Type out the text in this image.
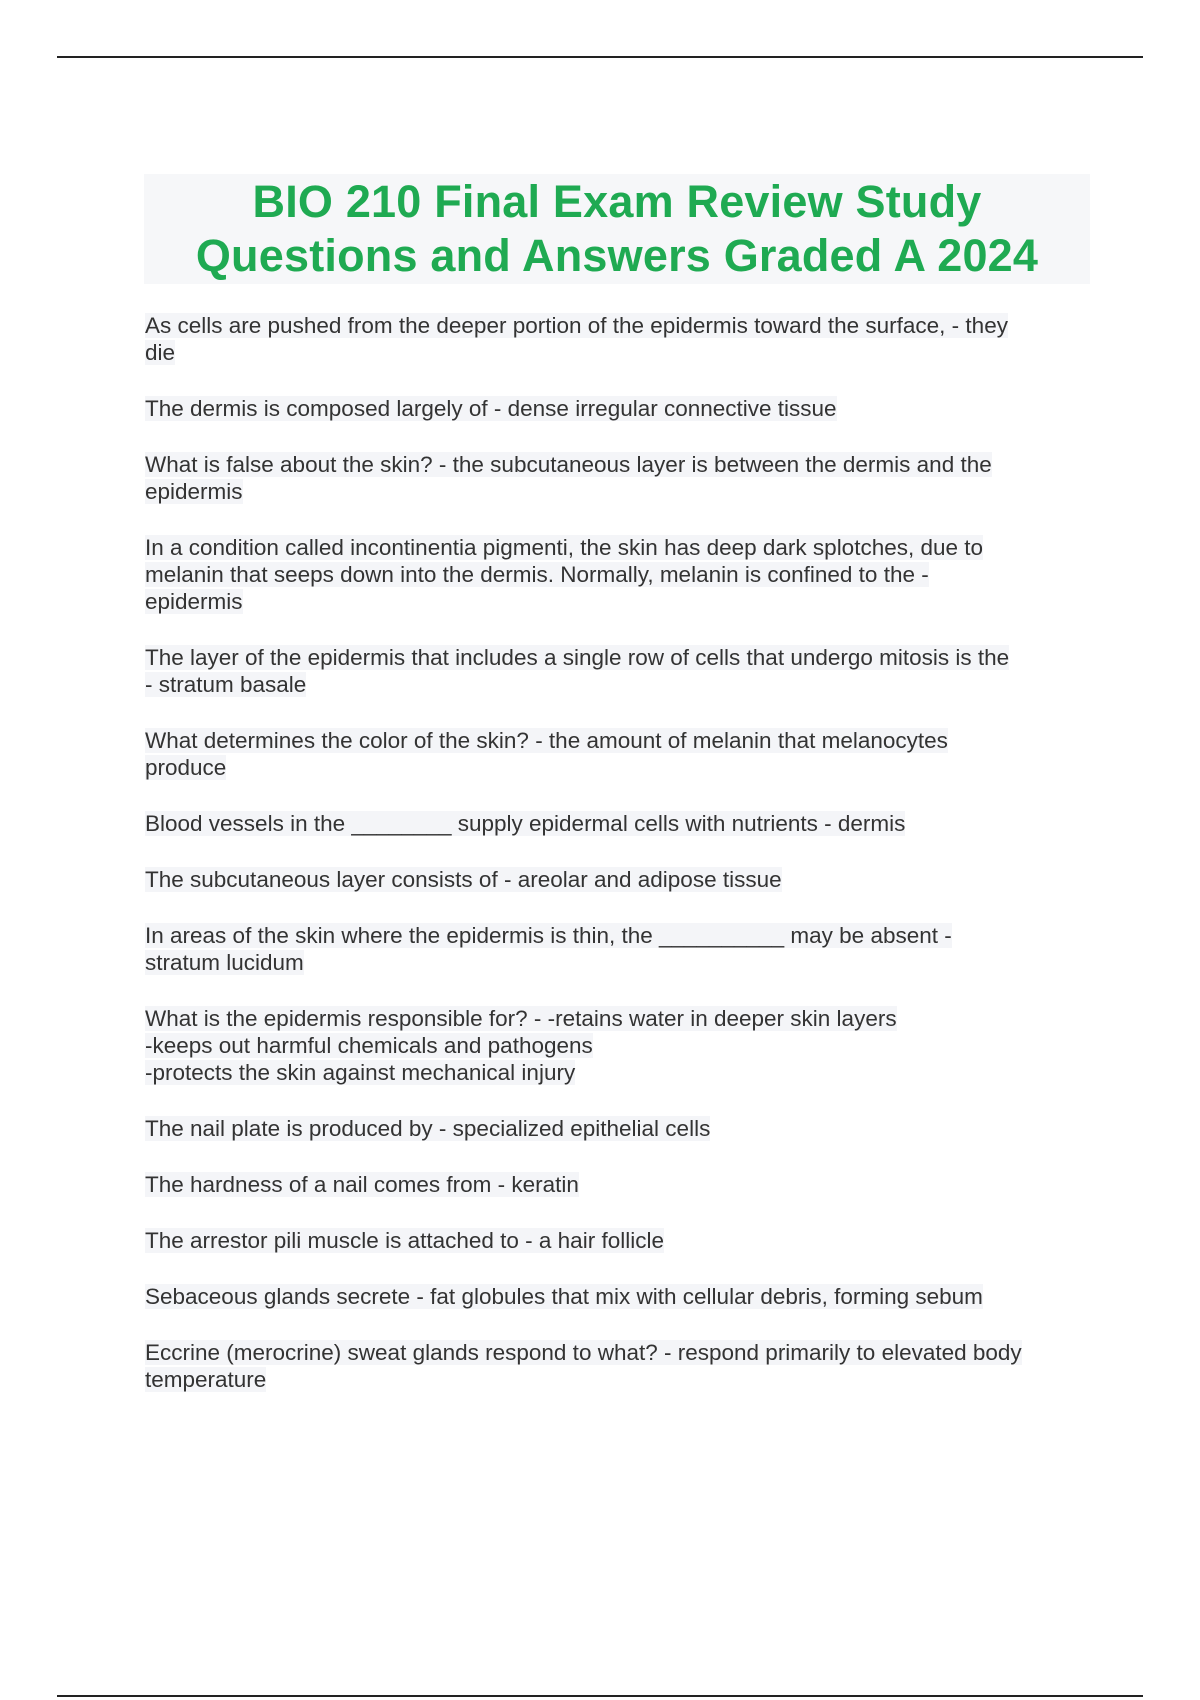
BIO 210 Final Exam Review Study
Questions and Answers Graded A 2024
As cells are pushed from the deeper portion of the epidermis toward the surface, - they
die
The dermis is composed largely of - dense irregular connective tissue
What is false about the skin? - the subcutaneous layer is between the dermis and the
epidermis
In a condition called incontinentia pigmenti, the skin has deep dark splotches, due to
melanin that seeps down into the dermis. Normally, melanin is confined to the -
epidermis
The layer of the epidermis that includes a single row of cells that undergo mitosis is the
- stratum basale
What determines the color of the skin? - the amount of melanin that melanocytes
produce
Blood vessels in the ________ supply epidermal cells with nutrients - dermis
The subcutaneous layer consists of - areolar and adipose tissue
In areas of the skin where the epidermis is thin, the __________ may be absent -
stratum lucidum
What is the epidermis responsible for? - -retains water in deeper skin layers
-keeps out harmful chemicals and pathogens
-protects the skin against mechanical injury
The nail plate is produced by - specialized epithelial cells
The hardness of a nail comes from - keratin
The arrestor pili muscle is attached to - a hair follicle
Sebaceous glands secrete - fat globules that mix with cellular debris, forming sebum
Eccrine (merocrine) sweat glands respond to what? - respond primarily to elevated body
temperature
